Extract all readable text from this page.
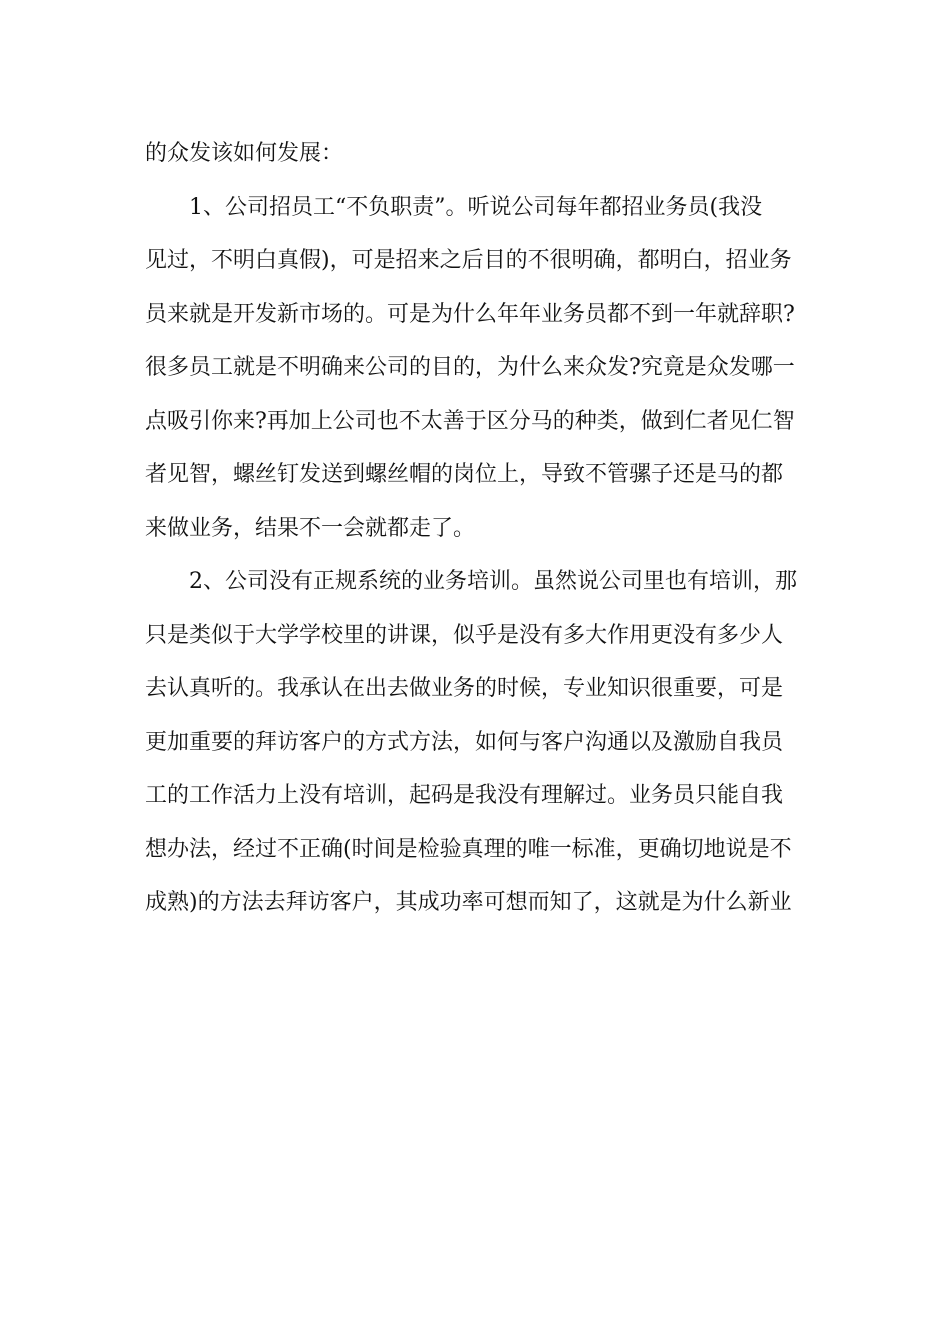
的众发该如何发展：
1、公司招员工“不负职责”。听说公司每年都招业务员(我没
见过，不明白真假)，可是招来之后目的不很明确，都明白，招业务
员来就是开发新市场的。可是为什么年年业务员都不到一年就辞职?
很多员工就是不明确来公司的目的，为什么来众发?究竟是众发哪一
点吸引你来?再加上公司也不太善于区分马的种类，做到仁者见仁智
者见智，螺丝钉发送到螺丝帽的岗位上，导致不管骡子还是马的都
来做业务，结果不一会就都走了。
2、公司没有正规系统的业务培训。虽然说公司里也有培训，那
只是类似于大学学校里的讲课，似乎是没有多大作用更没有多少人
去认真听的。我承认在出去做业务的时候，专业知识很重要，可是
更加重要的拜访客户的方式方法，如何与客户沟通以及激励自我员
工的工作活力上没有培训，起码是我没有理解过。业务员只能自我
想办法，经过不正确(时间是检验真理的唯一标准，更确切地说是不
成熟)的方法去拜访客户，其成功率可想而知了，这就是为什么新业
